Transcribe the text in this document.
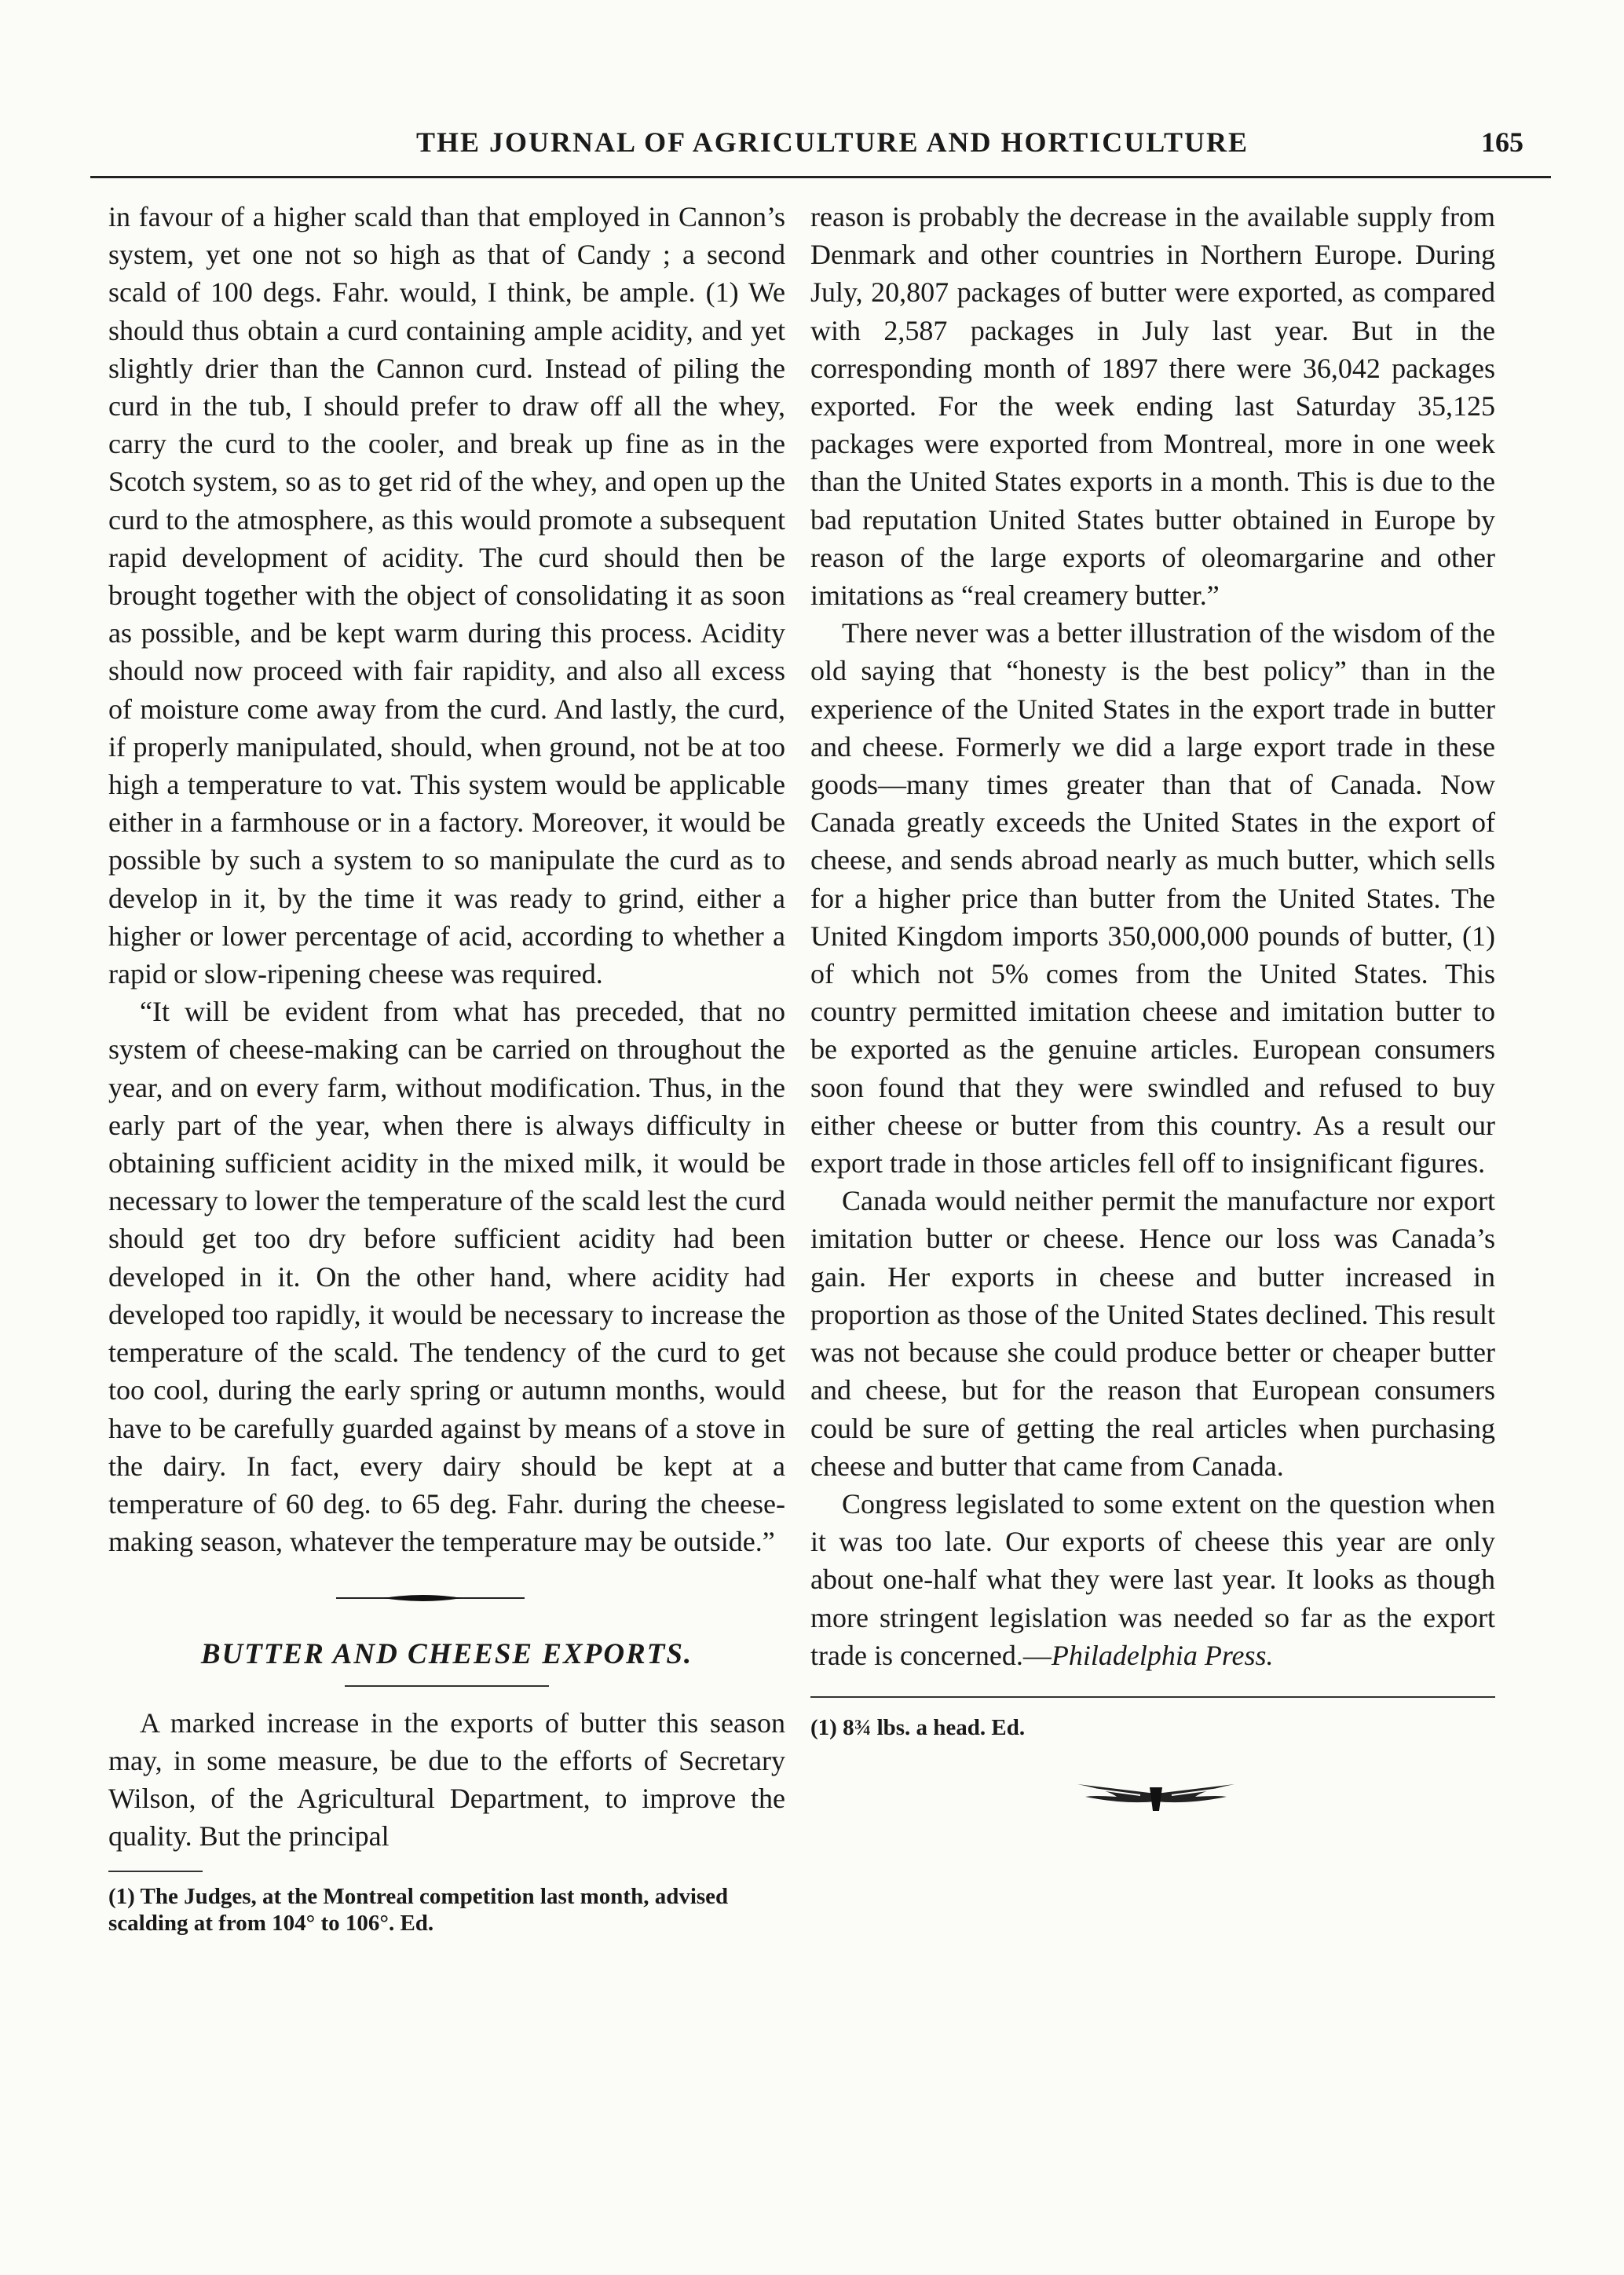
THE JOURNAL OF AGRICULTURE AND HORTICULTURE	165

in favour of a higher scald than that employed in Cannon’s system, yet one not so high as that of Candy ; a second scald of 100 degs. Fahr. would, I think, be ample. (1) We should thus obtain a curd containing ample acidity, and yet slightly drier than the Cannon curd. Instead of piling the curd in the tub, I should prefer to draw off all the whey, carry the curd to the cooler, and break up fine as in the Scotch system, so as to get rid of the whey, and open up the curd to the atmosphere, as this would promote a subsequent rapid development of acidity. The curd should then be brought together with the object of consolidating it as soon as possible, and be kept warm during this process. Acidity should now proceed with fair rapidity, and also all excess of moisture come away from the curd. And lastly, the curd, if properly manipulated, should, when ground, not be at too high a temperature to vat. This system would be applicable either in a farmhouse or in a factory. Moreover, it would be possible by such a system to so manipulate the curd as to develop in it, by the time it was ready to grind, either a higher or lower percentage of acid, according to whether a rapid or slow-ripening cheese was required.

“It will be evident from what has preceded, that no system of cheese-making can be carried on throughout the year, and on every farm, without modification. Thus, in the early part of the year, when there is always difficulty in obtaining sufficient acidity in the mixed milk, it would be necessary to lower the temperature of the scald lest the curd should get too dry before sufficient acidity had been developed in it. On the other hand, where acidity had developed too rapidly, it would be necessary to increase the temperature of the scald. The tendency of the curd to get too cool, during the early spring or autumn months, would have to be carefully guarded against by means of a stove in the dairy. In fact, every dairy should be kept at a temperature of 60 deg. to 65 deg. Fahr. during the cheese-making season, whatever the temperature may be outside.”

BUTTER AND CHEESE EXPORTS.

A marked increase in the exports of butter this season may, in some measure, be due to the efforts of Secretary Wilson, of the Agricultural Department, to improve the quality. But the principal

(1) The Judges, at the Montreal competition last month, advised scalding at from 104° to 106°. Ed.

reason is probably the decrease in the available supply from Denmark and other countries in Northern Europe. During July, 20,807 packages of butter were exported, as compared with 2,587 packages in July last year. But in the corresponding month of 1897 there were 36,042 packages exported. For the week ending last Saturday 35,125 packages were exported from Montreal, more in one week than the United States exports in a month. This is due to the bad reputation United States butter obtained in Europe by reason of the large exports of oleomargarine and other imitations as “real creamery butter.”

There never was a better illustration of the wisdom of the old saying that “honesty is the best policy” than in the experience of the United States in the export trade in butter and cheese. Formerly we did a large export trade in these goods—many times greater than that of Canada. Now Canada greatly exceeds the United States in the export of cheese, and sends abroad nearly as much butter, which sells for a higher price than butter from the United States. The United Kingdom imports 350,000,000 pounds of butter, (1) of which not 5% comes from the United States. This country permitted imitation cheese and imitation butter to be exported as the genuine articles. European consumers soon found that they were swindled and refused to buy either cheese or butter from this country. As a result our export trade in those articles fell off to insignificant figures.

Canada would neither permit the manufacture nor export imitation butter or cheese. Hence our loss was Canada’s gain. Her exports in cheese and butter increased in proportion as those of the United States declined. This result was not because she could produce better or cheaper butter and cheese, but for the reason that European consumers could be sure of getting the real articles when purchasing cheese and butter that came from Canada.

Congress legislated to some extent on the question when it was too late. Our exports of cheese this year are only about one-half what they were last year. It looks as though more stringent legislation was needed so far as the export trade is concerned.—Philadelphia Press.

(1) 8¾ lbs. a head. Ed.
